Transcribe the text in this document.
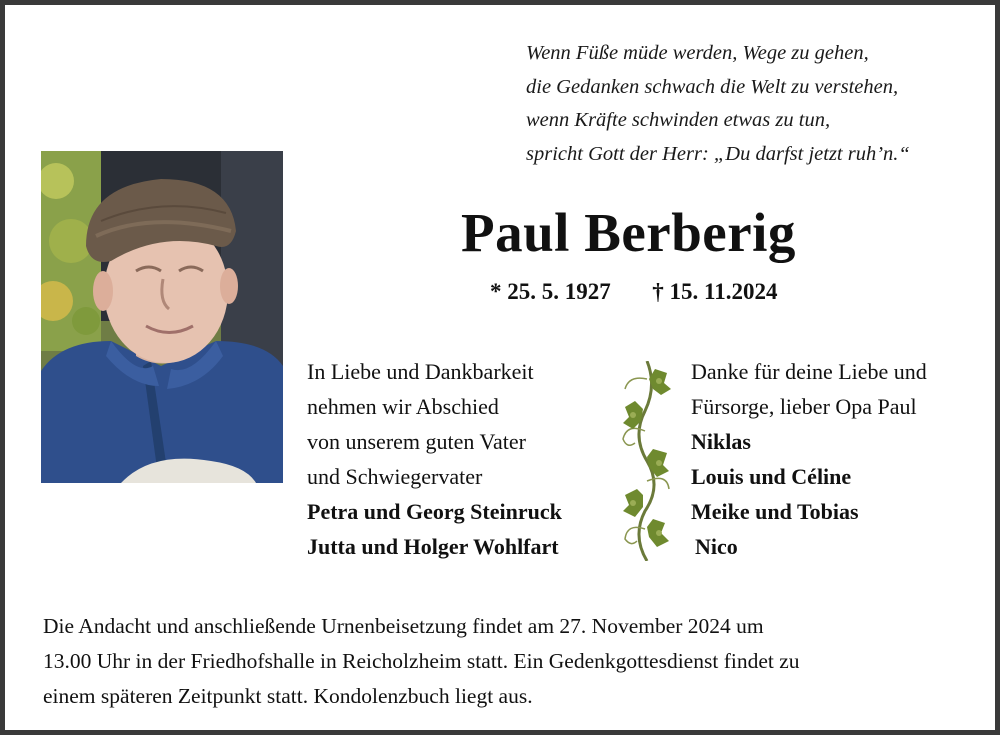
Wenn Füße müde werden, Wege zu gehen,
die Gedanken schwach die Welt zu verstehen,
wenn Kräfte schwinden etwas zu tun,
spricht Gott der Herr: „Du darfst jetzt ruh’n.“
Paul Berberig
* 25. 5. 1927 † 15. 11.2024
In Liebe und Dankbarkeit
nehmen wir Abschied
von unserem guten Vater
und Schwiegervater
Petra und Georg Steinruck
Jutta und Holger Wohlfart
Danke für deine Liebe und
Fürsorge, lieber Opa Paul
Niklas
Louis und Céline
Meike und Tobias
Nico
Die Andacht und anschließende Urnenbeisetzung findet am 27. November 2024 um
13.00 Uhr in der Friedhofshalle in Reicholzheim statt. Ein Gedenkgottesdienst findet zu
einem späteren Zeitpunkt statt. Kondolenzbuch liegt aus.
